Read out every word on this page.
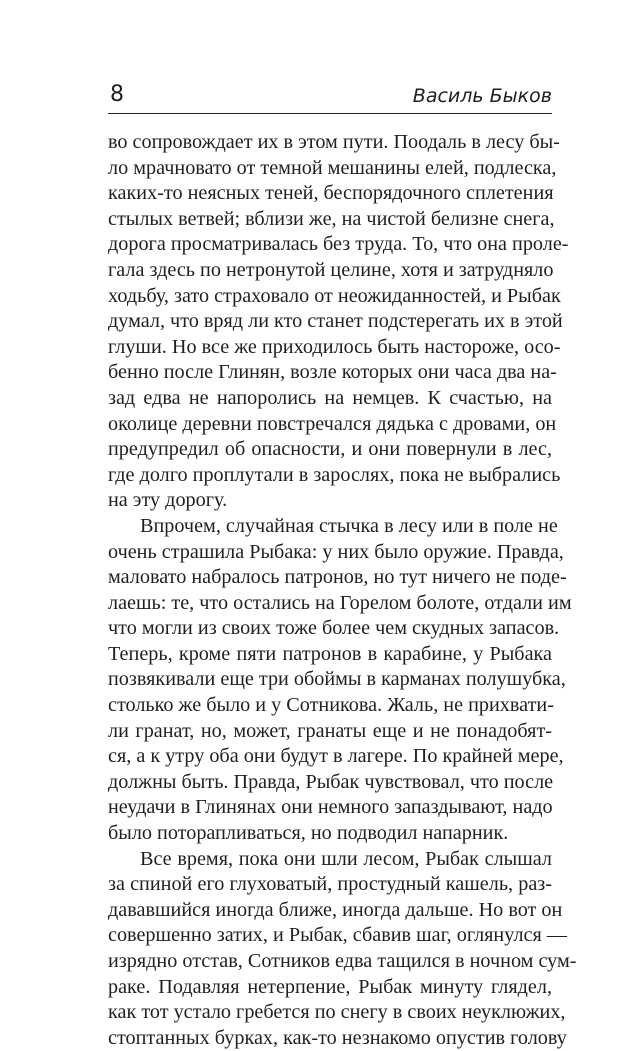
8	Василь Быков
во сопровождает их в этом пути. Поодаль в лесу бы-
ло мрачновато от темной мешанины елей, подлеска,
каких-то неясных теней, беспорядочного сплетения
стылых ветвей; вблизи же, на чистой белизне снега,
дорога просматривалась без труда. То, что она проле-
гала здесь по нетронутой целине, хотя и затрудняло
ходьбу, зато страховало от неожиданностей, и Рыбак
думал, что вряд ли кто станет подстерегать их в этой
глуши. Но все же приходилось быть настороже, осо-
бенно после Глинян, возле которых они часа два на-
зад едва не напоролись на немцев. К счастью, на
околице деревни повстречался дядька с дровами, он
предупредил об опасности, и они повернули в лес,
где долго проплутали в зарослях, пока не выбрались
на эту дорогу.
Впрочем, случайная стычка в лесу или в поле не
очень страшила Рыбака: у них было оружие. Правда,
маловато набралось патронов, но тут ничего не поде-
лаешь: те, что остались на Горелом болоте, отдали им
что могли из своих тоже более чем скудных запасов.
Теперь, кроме пяти патронов в карабине, у Рыбака
позвякивали еще три обоймы в карманах полушубка,
столько же было и у Сотникова. Жаль, не прихвати-
ли гранат, но, может, гранаты еще и не понадобят-
ся, а к утру оба они будут в лагере. По крайней мере,
должны быть. Правда, Рыбак чувствовал, что после
неудачи в Глинянах они немного запаздывают, надо
было поторапливаться, но подводил напарник.
Все время, пока они шли лесом, Рыбак слышал
за спиной его глуховатый, простудный кашель, раз-
дававшийся иногда ближе, иногда дальше. Но вот он
совершенно затих, и Рыбак, сбавив шаг, оглянулся —
изрядно отстав, Сотников едва тащился в ночном сум-
раке. Подавляя нетерпение, Рыбак минуту глядел,
как тот устало гребется по снегу в своих неуклюжих,
стоптанных бурках, как-то незнакомо опустив голову
